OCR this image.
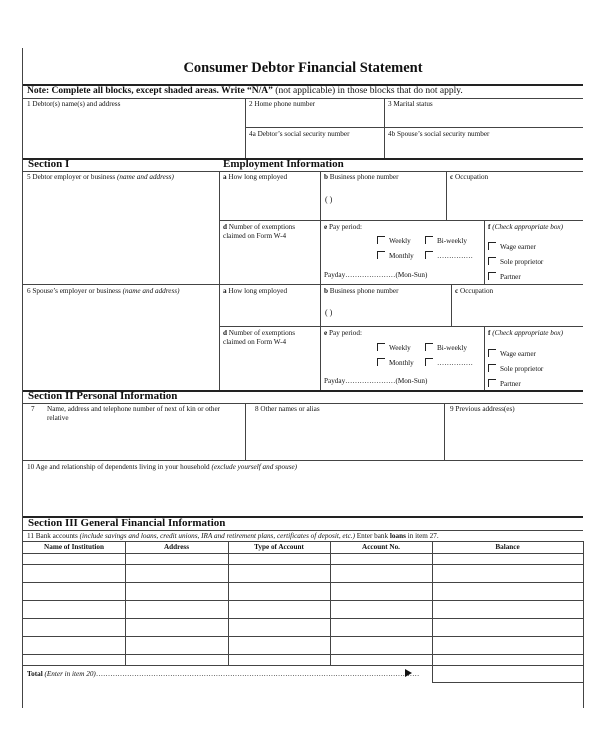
Consumer Debtor Financial Statement
Note: Complete all blocks, except shaded areas. Write “N/A” (not applicable) in those blocks that do not apply.
1 Debtor(s) name(s) and address	2 Home phone number	3 Marital status
4a Debtor’s social security number	4b Spouse’s social security number
Section I	Employment Information
5 Debtor employer or business (name and address)	a How long employed	b Business phone number
( )
c Occupation
d Number of exemptions claimed on Form W-4
e Pay period:
Weekly	Bi-weekly
Monthly	……………
Payday…………………(Mon-Sun)
f (Check appropriate box)
Wage earner
Sole proprietor
Partner
6 Spouse’s employer or business (name and address)	a How long employed	b Business phone number
( )
c Occupation
d Number of exemptions claimed on Form W-4
e Pay period:
Weekly	Bi-weekly
Monthly	……………
Payday…………………(Mon-Sun)
f (Check appropriate box)
Wage earner
Sole proprietor
Partner
Section II Personal Information
7 Name, address and telephone number of next of kin or other relative
8 Other names or alias	9 Previous address(es)
10 Age and relationship of dependents living in your household (exclude yourself and spouse)
Section III General Financial Information
11 Bank accounts (include savings and loans, credit unions, IRA and retirement plans, certificates of deposit, etc.) Enter bank loans in item 27.
Name of Institution	Address	Type of Account	Account No.	Balance
Total (Enter in item 20)………………………………………………………………………………………………………………………
